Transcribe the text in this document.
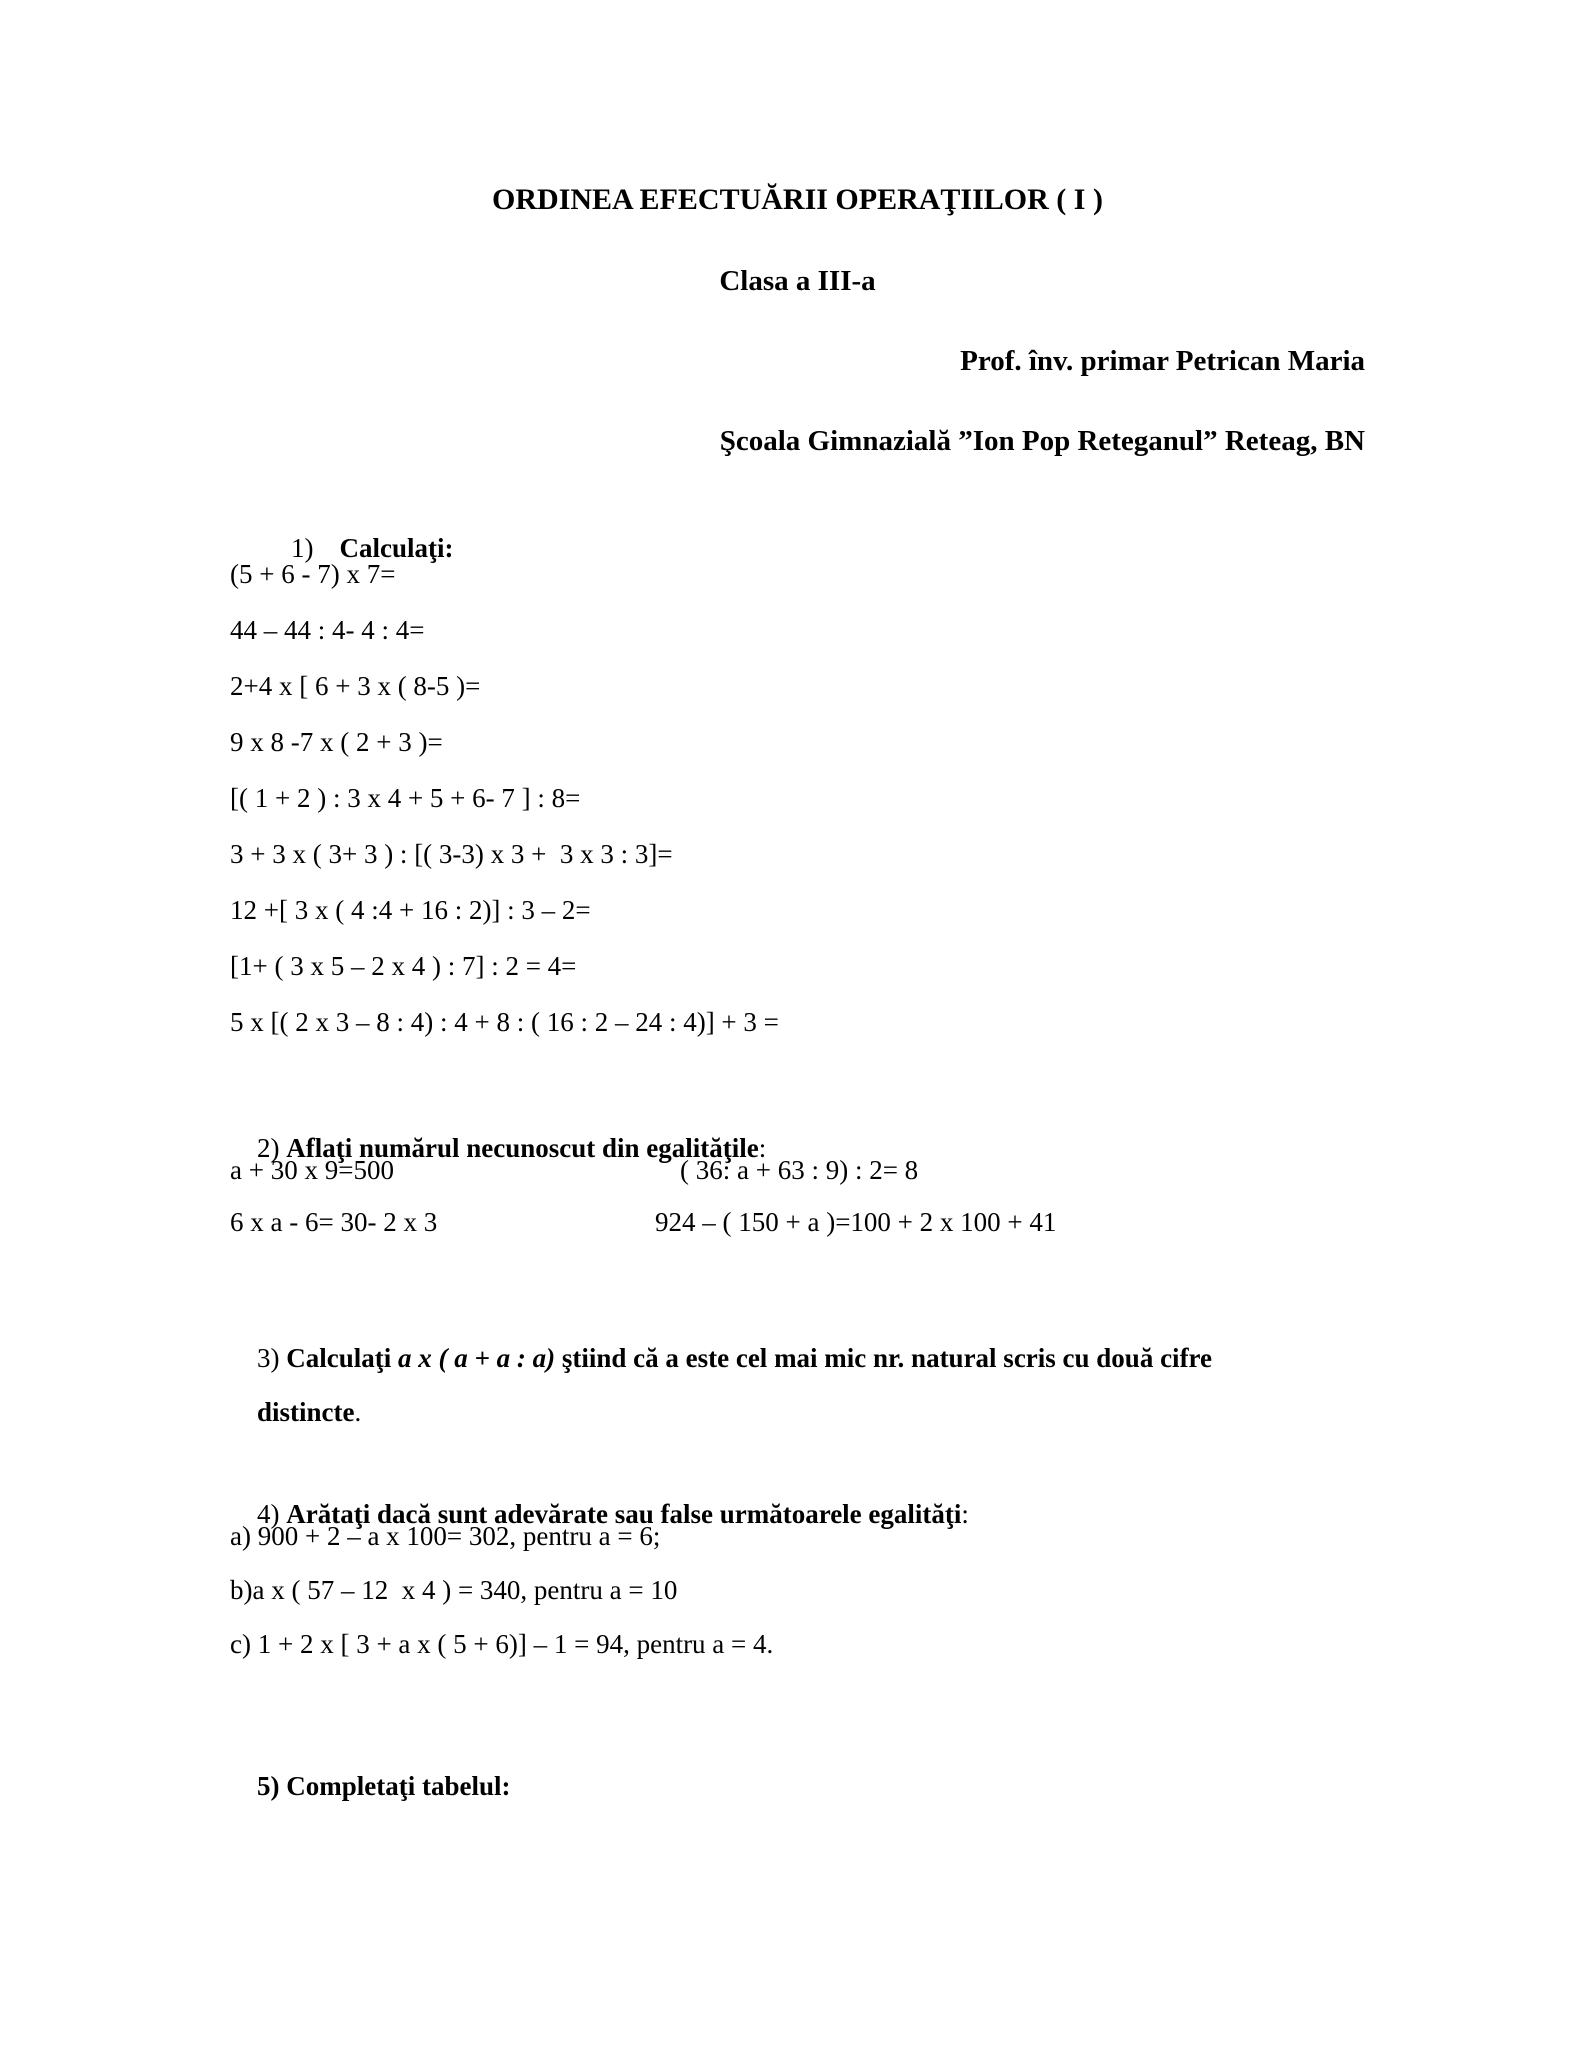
ORDINEA EFECTUĂRII OPERAŢIILOR ( I )
Clasa a III-a
Prof. înv. primar Petrican Maria
Şcoala Gimnazială ”Ion Pop Reteganul” Reteag, BN

1) Calculaţi:

(5 + 6 - 7) x 7=
44 – 44 : 4- 4 : 4=
2+4 x [ 6 + 3 x ( 8-5 )=
9 x 8 -7 x ( 2 + 3 )=
[( 1 + 2 ) : 3 x 4 + 5 + 6- 7 ] : 8=
3 + 3 x ( 3+ 3 ) : [( 3-3) x 3 +  3 x 3 : 3]=
12 +[ 3 x ( 4 :4 + 16 : 2)] : 3 – 2=
[1+ ( 3 x 5 – 2 x 4 ) : 7] : 2 = 4=
5 x [( 2 x 3 – 8 : 4) : 4 + 8 : ( 16 : 2 – 24 : 4)] + 3 =

2) Aflaţi numărul necunoscut din egalităţile:

a + 30 x 9=500	( 36: a + 63 : 9) : 2= 8
6 x a - 6= 30- 2 x 3	924 – ( 150 + a )=100 + 2 x 100 + 41

3) Calculaţi a x ( a + a : a) ştiind că a este cel mai mic nr. natural scris cu două cifre

distincte.

4) Arătaţi dacă sunt adevărate sau false următoarele egalităţi:

a) 900 + 2 – a x 100= 302, pentru a = 6;
b)a x ( 57 – 12  x 4 ) = 340, pentru a = 10
c) 1 + 2 x [ 3 + a x ( 5 + 6)] – 1 = 94, pentru a = 4.

5) Completaţi tabelul:
